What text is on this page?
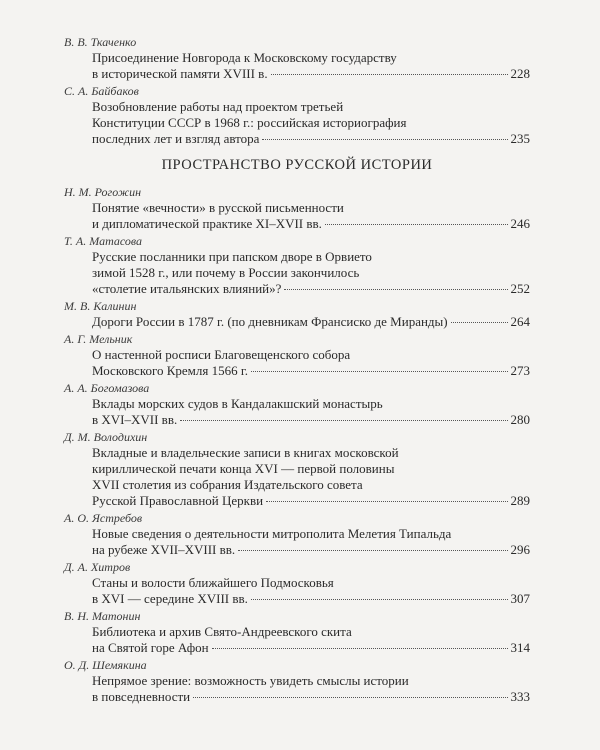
В. В. Ткаченко
Присоединение Новгорода к Московскому государству
в исторической памяти XVIII в.	228
С. А. Байбаков
Возобновление работы над проектом третьей
Конституции СССР в 1968 г.: российская историография
последних лет и взгляд автора	235
ПРОСТРАНСТВО РУССКОЙ ИСТОРИИ
Н. М. Рогожин
Понятие «вечности» в русской письменности
и дипломатической практике XI–XVII вв.	246
Т. А. Матасова
Русские посланники при папском дворе в Орвието
зимой 1528 г., или почему в России закончилось
«столетие итальянских влияний»?	252
М. В. Калинин
Дороги России в 1787 г. (по дневникам Франсиско де Миранды)	264
А. Г. Мельник
О настенной росписи Благовещенского собора
Московского Кремля 1566 г.	273
А. А. Богомазова
Вклады морских судов в Кандалакшский монастырь
в XVI–XVII вв.	280
Д. М. Володихин
Вкладные и владельческие записи в книгах московской
кириллической печати конца XVI — первой половины
XVII столетия из собрания Издательского совета
Русской Православной Церкви	289
А. О. Ястребов
Новые сведения о деятельности митрополита Мелетия Типальда
на рубеже XVII–XVIII вв.	296
Д. А. Хитров
Станы и волости ближайшего Подмосковья
в XVI — середине XVIII вв.	307
В. Н. Матонин
Библиотека и архив Свято-Андреевского скита
на Святой горе Афон	314
О. Д. Шемякина
Непрямое зрение: возможность увидеть смыслы истории
в повседневности	333
